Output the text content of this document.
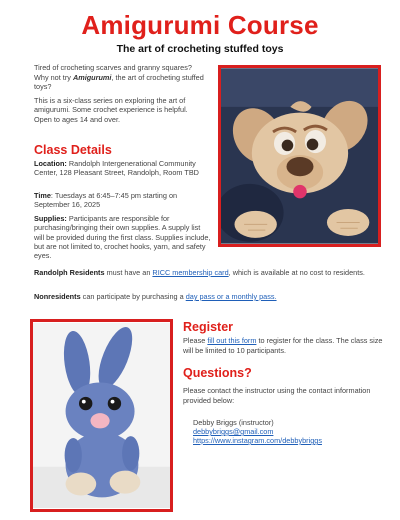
Amigurumi Course
The art of crocheting stuffed toys

Tired of crocheting scarves and granny squares? Why not try Amigurumi, the art of crocheting stuffed toys?

This is a six-class series on exploring the art of amigurumi. Some crochet experience is helpful. Open to ages 14 and over.

Class Details
Location: Randolph Intergenerational Community Center, 128 Pleasant Street, Randolph, Room TBD
Time: Tuesdays at 6:45–7:45 pm starting on September 16, 2025
Supplies: Participants are responsible for purchasing/bringing their own supplies. A supply list will be provided during the first class. Supplies include, but are not limited to, crochet hooks, yarn, and safety eyes.
Randolph Residents must have an RICC membership card, which is available at no cost to residents.
Nonresidents can participate by purchasing a day pass or a monthly pass.
Register
Please fill out this form to register for the class. The class size will be limited to 10 participants.
Questions?
Please contact the instructor using the contact information provided below:
Debby Briggs (instructor)
debbybriggs@gmail.com
https://www.instagram.com/debbybriggs
